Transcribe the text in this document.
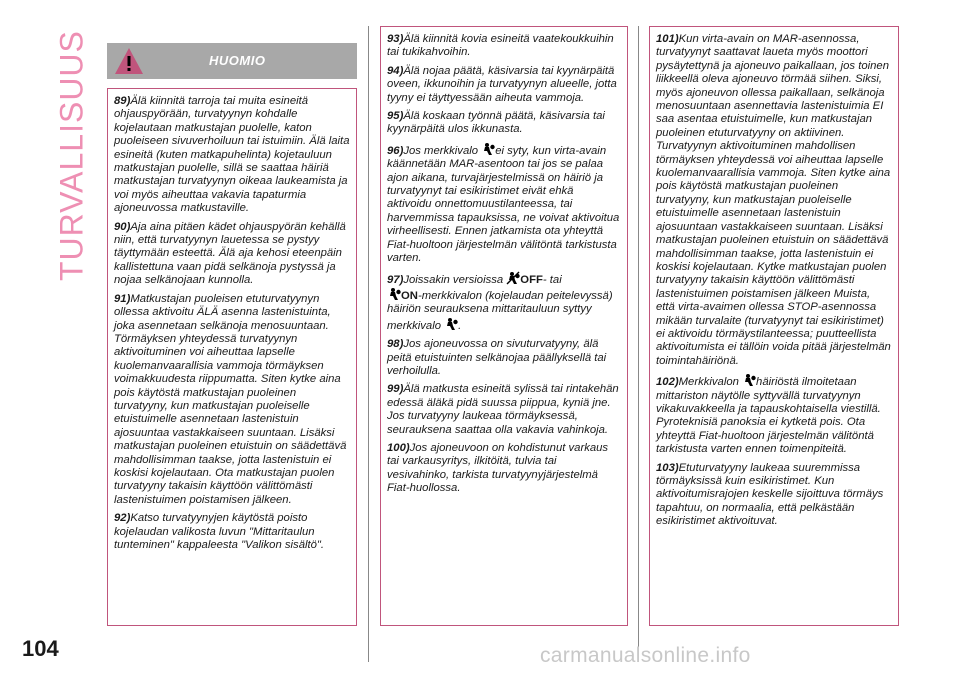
TURVALLISUUS
104
HUOMIO

89)Älä kiinnitä tarroja tai muita esineitä ohjauspyörään, turvatyynyn kohdalle kojelautaan matkustajan puolelle, katon puoleiseen sivuverhoiluun tai istuimiin. Älä laita esineitä (kuten matkapuhelinta) kojetauluun matkustajan puolelle, sillä se saattaa häiriä matkustajan turvatyynyn oikeaa laukeamista ja voi myös aiheuttaa vakavia tapaturmia ajoneuvossa matkustaville.

90)Aja aina pitäen kädet ohjauspyörän kehällä niin, että turvatyynyn lauetessa se pystyy täyttymään esteettä. Älä aja kehosi eteenpäin kallistettuna vaan pidä selkänoja pystyssä ja nojaa selkänojaan kunnolla.

91)Matkustajan puoleisen etuturvatyynyn ollessa aktivoitu ÄLÄ asenna lastenistuinta, joka asennetaan selkänoja menosuuntaan. Törmäyksen yhteydessä turvatyynyn aktivoituminen voi aiheuttaa lapselle kuolemanvaarallisia vammoja törmäyksen voimakkuudesta riippumatta. Siten kytke aina pois käytöstä matkustajan puoleinen turvatyyny, kun matkustajan puoleiselle etuistuimelle asennetaan lastenistuin ajosuuntaa vastakkaiseen suuntaan. Lisäksi matkustajan puoleinen etuistuin on säädettävä mahdollisimman taakse, jotta lastenistuin ei koskisi kojelautaan. Ota matkustajan puolen turvatyyny takaisin käyttöön välittömästi lastenistuimen poistamisen jälkeen.

92)Katso turvatyynyjen käytöstä poisto kojelaudan valikosta luvun "Mittaritaulun tunteminen" kappaleesta "Valikon sisältö".

93)Älä kiinnitä kovia esineitä vaatekoukkuihin tai tukikahvoihin.

94)Älä nojaa päätä, käsivarsia tai kyynärpäitä oveen, ikkunoihin ja turvatyynyn alueelle, jotta tyyny ei täyttyessään aiheuta vammoja.

95)Älä koskaan työnnä päätä, käsivarsia tai kyynärpäitä ulos ikkunasta.

96)Jos merkkivalo ei syty, kun virta-avain käännetään MAR-asentoon tai jos se palaa ajon aikana, turvajärjestelmissä on häiriö ja turvatyynyt tai esikiristimet eivät ehkä aktivoidu onnettomuustilanteessa, tai harvemmissa tapauksissa, ne voivat aktivoitua virheellisesti. Ennen jatkamista ota yhteyttä Fiat-huoltoon järjestelmän välitöntä tarkistusta varten.

97)Joissakin versioissa OFF- tai
ON-merkkivalon (kojelaudan peitelevyssä) häiriön seurauksena mittaritauluun syttyy merkkivalo .

98)Jos ajoneuvossa on sivuturvatyyny, älä peitä etuistuinten selkänojaa päällyksellä tai verhoilulla.

99)Älä matkusta esineitä sylissä tai rintakehän edessä äläkä pidä suussa piippua, kyniä jne. Jos turvatyyny laukeaa törmäyksessä, seurauksena saattaa olla vakavia vahinkoja.

100)Jos ajoneuvoon on kohdistunut varkaus tai varkausyritys, ilkitöitä, tulvia tai vesivahinko, tarkista turvatyynyjärjestelmä Fiat-huollossa.

101)Kun virta-avain on MAR-asennossa, turvatyynyt saattavat laueta myös moottori pysäytettynä ja ajoneuvo paikallaan, jos toinen liikkeellä oleva ajoneuvo törmää siihen. Siksi, myös ajoneuvon ollessa paikallaan, selkänoja menosuuntaan asennettavia lastenistuimia EI saa asentaa etuistuimelle, kun matkustajan puoleinen etuturvatyyny on aktiivinen. Turvatyynyn aktivoituminen mahdollisen törmäyksen yhteydessä voi aiheuttaa lapselle kuolemanvaarallisia vammoja. Siten kytke aina pois käytöstä matkustajan puoleinen turvatyyny, kun matkustajan puoleiselle etuistuimelle asennetaan lastenistuin ajosuuntaan vastakkaiseen suuntaan. Lisäksi matkustajan puoleinen etuistuin on säädettävä mahdollisimman taakse, jotta lastenistuin ei koskisi kojelautaan. Kytke matkustajan puolen turvatyyny takaisin käyttöön välittömästi lastenistuimen poistamisen jälkeen Muista, että virta-avaimen ollessa STOP-asennossa mikään turvalaite (turvatyynyt tai esikiristimet) ei aktivoidu törmäystilanteessa; puutteellista aktivoitumista ei tällöin voida pitää järjestelmän toimintahäiriönä.

102)Merkkivalon häiriöstä ilmoitetaan mittariston näytölle syttyvällä turvatyynyn vikakuvakkeella ja tapauskohtaisella viestillä. Pyroteknisiä panoksia ei kytketä pois. Ota yhteyttä Fiat-huoltoon järjestelmän välitöntä tarkistusta varten ennen toimenpiteitä.

103)Etuturvatyyny laukeaa suuremmissa törmäyksissä kuin esikiristimet. Kun aktivoitumisrajojen keskelle sijoittuva törmäys tapahtuu, on normaalia, että pelkästään esikiristimet aktivoituvat.

carmanualsonline.info
